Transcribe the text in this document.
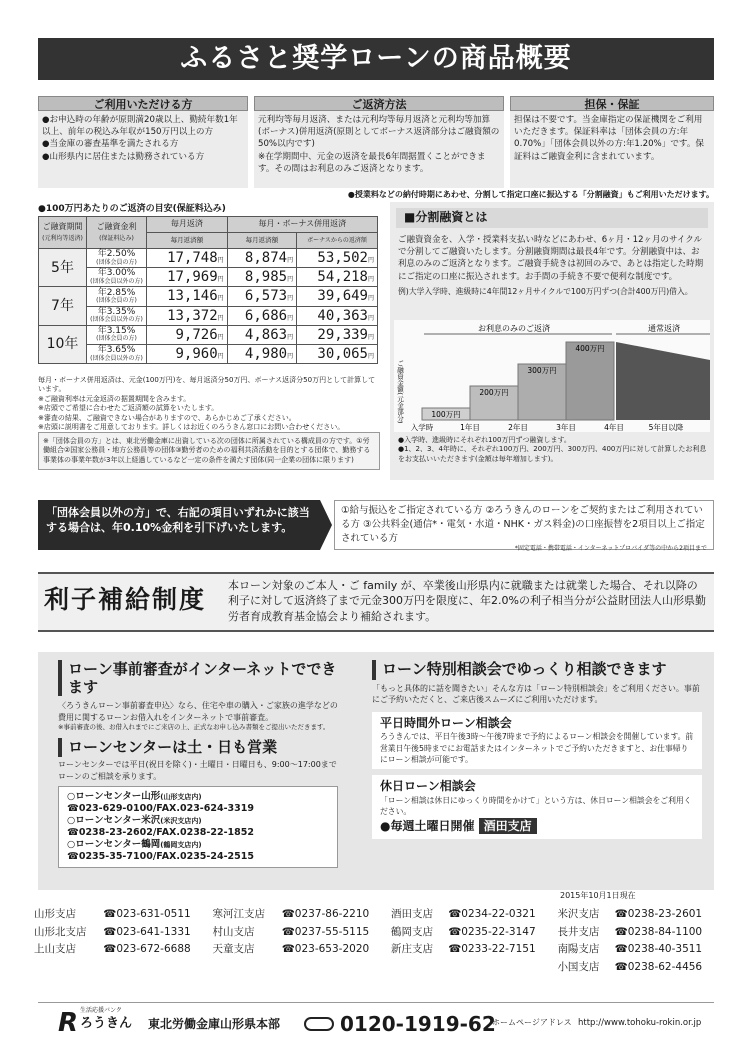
ふるさと奨学ローンの商品概要
ご利用いただける方
●お申込時の年齢が原則満20歳以上、勤続年数1年以上、前年の税込み年収が150万円以上の方
●当金庫の審査基準を満たされる方
●山形県内に居住または勤務されている方
ご返済方法
元利均等毎月返済、または元利均等毎月返済と元利均等加算(ボーナス)併用返済(原則としてボーナス返済部分はご融資額の50%以内です)
※在学期間中、元金の返済を最長6年間据置くことができます。その間はお利息のみご返済となります。
担保・保証
担保は不要です。当金庫指定の保証機関をご利用いただきます。保証料率は「団体会員の方:年0.70%」「団体会員以外の方:年1.20%」です。保証料はご融資金利に含まれています。
●授業料などの納付時期にあわせ、分割して指定口座に振込する「分割融資」もご利用いただけます。
●100万円あたりのご返済の目安(保証料込み)
ご融資期間
(元利均等返済)	ご融資金利
(保証料込み)	毎月返済	毎月・ボーナス併用返済	
		毎月返済額	毎月返済額	ボーナスからの返済額
5年	年2.50%
(団体会員の方)	17,748円	8,874円	53,502円
	年3.00%
(団体会員以外の方)	17,969円	8,985円	54,218円
7年	年2.85%
(団体会員の方)	13,146円	6,573円	39,649円
	年3.35%
(団体会員以外の方)	13,372円	6,686円	40,363円
10年	年3.15%
(団体会員の方)	9,726円	4,863円	29,339円
	年3.65%
(団体会員以外の方)	9,960円	4,980円	30,065円
毎月・ボーナス併用返済は、元金(100万円)を、毎月返済分50万円、ボーナス返済分50万円として計算しています。
※ご融資利率は元金返済の据置期間を含みます。
※店頭でご希望に合わせたご返済額の試算をいたします。
※審査の結果、ご融資できない場合がありますので、あらかじめご了承ください。
※店頭に説明書をご用意しております。詳しくはお近くのろうきん窓口にお問い合わせください。
※「団体会員の方」とは、東北労働金庫に出資している次の団体に所属されている構成員の方です。①労働組合②国家公務員・地方公務員等の団体③勤労者のための福利共済活動を目的とする団体で、勤務する事業体の事業年数が3年以上経過しているなど一定の条件を満たす団体(同一企業の団体に限ります)
■分割融資とは
ご融資資金を、入学・授業料支払い時などにあわせ、6ヶ月・12ヶ月のサイクルで分割してご融資いたします。分割融資期間は最長4年です。分割融資中は、お利息のみのご返済となります。ご融資手続きは初回のみで、あとは指定した時期にご指定の口座に振込されます。お手間の手続き不要で便利な制度です。
例)大学入学時、進級時に4年間12ヶ月サイクルで100万円ずつ(合計400万円)借入。
お利息のみのご返済	通常返済
100万円
200万円
300万円
400万円
ご融資金額(元金部分)
入学時	1年目	2年目	3年目	4年目	5年目以降
●入学時、進級時にそれぞれ100万円ずつ融資します。
●1、2、3、4年時に、それぞれ100万円、200万円、300万円、400万円に対して計算したお利息をお支払いいただきます(金額は毎年増加します)。
「団体会員以外の方」で、右記の項目いずれかに該当する場合は、年0.10%金利を引下げいたします。
①給与振込をご指定されている方 ②ろうきんのローンをご契約またはご利用されている方 ③公共料金(通信*・電気・水道・NHK・ガス料金)の口座振替を2項目以上ご指定されている方
*固定電話・携帯電話・インターネットプロバイダ等の中から2項目まで
利子補給制度 本ローン対象のご本人・ご family が、卒業後山形県内に就職または就業した場合、それ以降の利子に対して返済終了まで元金300万円を限度に、年2.0%の利子相当分が公益財団法人山形県勤労者育成教育基金協会より補給されます。
ローン事前審査がインターネットでできます
〈ろうきんローン事前審査申込〉なら、住宅や車の購入・ご家族の進学などの費用に関するローンお借入れをインターネットで事前審査。
※事前審査の後、お借入れまでにご来店の上、正式なお申し込み書類をご提出いただきます。
ローンセンターは土・日も営業
ローンセンターでは平日(祝日を除く)・土曜日・日曜日も、9:00〜17:00までローンのご相談を承ります。
○ローンセンター山形(山形支店内)
☎023-629-0100/FAX.023-624-3319
○ローンセンター米沢(米沢支店内)
☎0238-23-2602/FAX.0238-22-1852
○ローンセンター鶴岡(鶴岡支店内)
☎0235-35-7100/FAX.0235-24-2515
ローン特別相談会でゆっくり相談できます
「もっと具体的に話を聞きたい」そんな方は「ローン特別相談会」をご利用ください。事前にご予約いただくと、ご来店後スムーズにご利用いただけます。
平日時間外ローン相談会
ろうきんでは、平日午後3時〜午後7時まで予約によるローン相談会を開催しています。前営業日午後5時までにお電話またはインターネットでご予約いただきますと、お仕事帰りにローン相談が可能です。
休日ローン相談会
「ローン相談は休日にゆっくり時間をかけて」という方は、休日ローン相談会をご利用ください。
●毎週土曜日開催 酒田支店
2015年10月1日現在
山形支店	☎023-631-0511	寒河江支店	☎0237-86-2210	酒田支店	☎0234-22-0321	米沢支店	☎0238-23-2601
山形北支店	☎023-641-1331	村山支店	☎0237-55-5115	鶴岡支店	☎0235-22-3147	長井支店	☎0238-84-1100
上山支店	☎023-672-6688	天童支店	☎023-653-2020	新庄支店	☎0233-22-7151	南陽支店	☎0238-40-3511
						小国支店	☎0238-62-4456
R 生活応援バンク
ろうきん 東北労働金庫山形県本部	0120-1919-62
ホームページアドレス http://www.tohoku-rokin.or.jp
